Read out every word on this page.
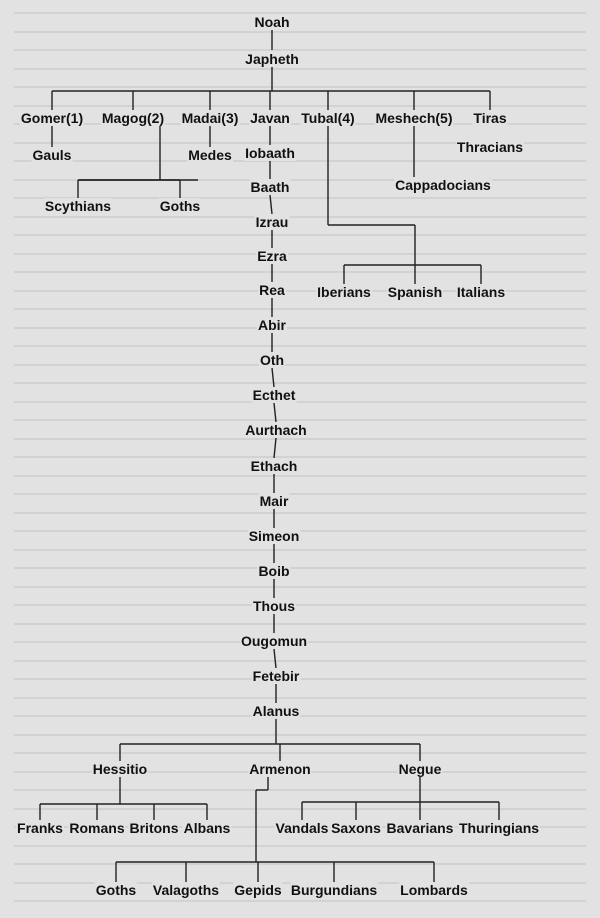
Noah
Japheth
Gomer(1) Magog(2) Madai(3) Javan Tubal(4) Meshech(5) Tiras
Gauls	Medes	Thracians
Cappadocians
Scythians	Goths
Iberians Spanish Italians
Iobaath
Baath
Izrau
Ezra
Rea
Abir
Oth
Ecthet
Aurthach
Ethach
Mair
Simeon
Boib
Thous
Ougomun
Fetebir
Alanus
Hessitio	Armenon	Negue
Franks Romans Britons Albans	Vandals Saxons Bavarians Thuringians
Goths Valagoths Gepids Burgundians Lombards
